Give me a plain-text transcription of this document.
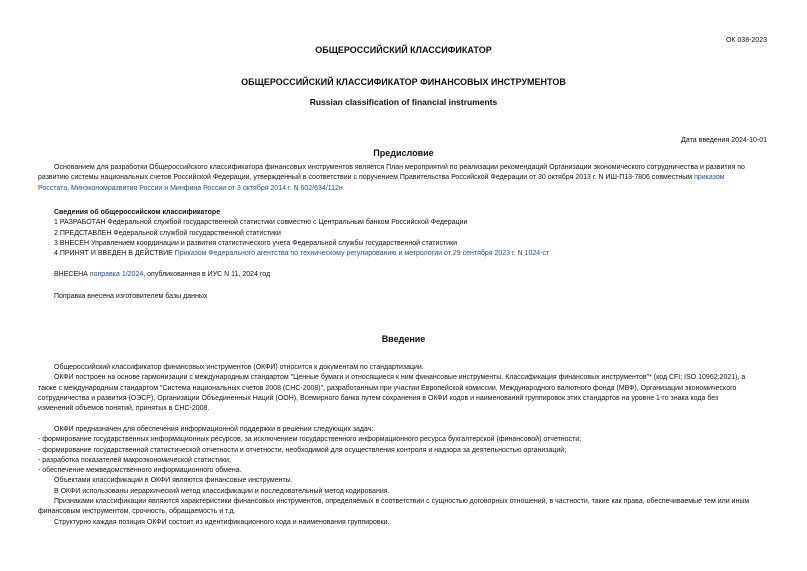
ОК 038-2023
ОБЩЕРОССИЙСКИЙ КЛАССИФИКАТОР
ОБЩЕРОССИЙСКИЙ КЛАССИФИКАТОР ФИНАНСОВЫХ ИНСТРУМЕНТОВ
Russian classification of financial instruments
Дата введения 2024-10-01
Предисловие
Основанием для разработки Общероссийского классификатора финансовых инструментов является План мероприятий по реализации рекомендаций Организации экономического сотрудничества и развития по
развитию системы национальных счетов Российской Федерации, утвержденный в соответствии с поручением Правительства Российской Федерации от 30 октября 2013 г. N ИШ-П13-7806 совместным приказом
Росстата, Минэкономразвития России и Минфина России от 3 октября 2014 г. N 602/634/112н
Сведения об общероссийском классификаторе
1 РАЗРАБОТАН Федеральной службой государственной статистики совместно с Центральным банком Российской Федерации
2 ПРЕДСТАВЛЕН Федеральной службой государственной статистики
3 ВНЕСЕН Управлением координации и развития статистического учета Федеральной службы государственной статистики
4 ПРИНЯТ И ВВЕДЕН В ДЕЙСТВИЕ Приказом Федерального агентства по техническому регулированию и метрологии от 29 сентября 2023 г. N 1024-ст
ВНЕСЕНА поправка 1/2024, опубликованная в ИУС N 11, 2024 год
Поправка внесена изготовителем базы данных
Введение
Общероссийский классификатор финансовых инструментов (ОКФИ) относится к документам по стандартизации.
ОКФИ построен на основе гармонизации с международным стандартом "Ценные бумаги и относящиеся к ним финансовые инструменты. Классификация финансовых инструментов"* (код CFI; ISO 10962:2021), а
также с международным стандартом "Система национальных счетов 2008 (СНС-2008)", разработанным при участии Европейской комиссии, Международного валютного фонда (МВФ), Организации экономического
сотрудничества и развития (ОЭСР), Организации Объединенных Наций (ООН), Всемирного банка путем сохранения в ОКФИ кодов и наименований группировок этих стандартов на уровне 1-го знака кода без
изменений объемов понятий, принятых в СНС-2008.
ОКФИ предназначен для обеспечения информационной поддержки в решении следующих задач:
- формирование государственных информационных ресурсов, за исключением государственного информационного ресурса бухгалтерской (финансовой) отчетности;
- формирование государственной статистической отчетности и отчетности, необходимой для осуществления контроля и надзора за деятельностью организаций;
- разработка показателей макроэкономической статистики;
- обеспечение межведомственного информационного обмена.
Объектами классификации в ОКФИ являются финансовые инструменты.
В ОКФИ использованы иерархический метод классификации и последовательный метод кодирования.
Признаками классификации являются характеристики финансовых инструментов, определяемых в соответствии с сущностью договорных отношений, в частности, такие как права, обеспечиваемые тем или иным
финансовым инструментом, срочность, обращаемость и т.д.
Структурно каждая позиция ОКФИ состоит из идентификационного кода и наименования группировки.
